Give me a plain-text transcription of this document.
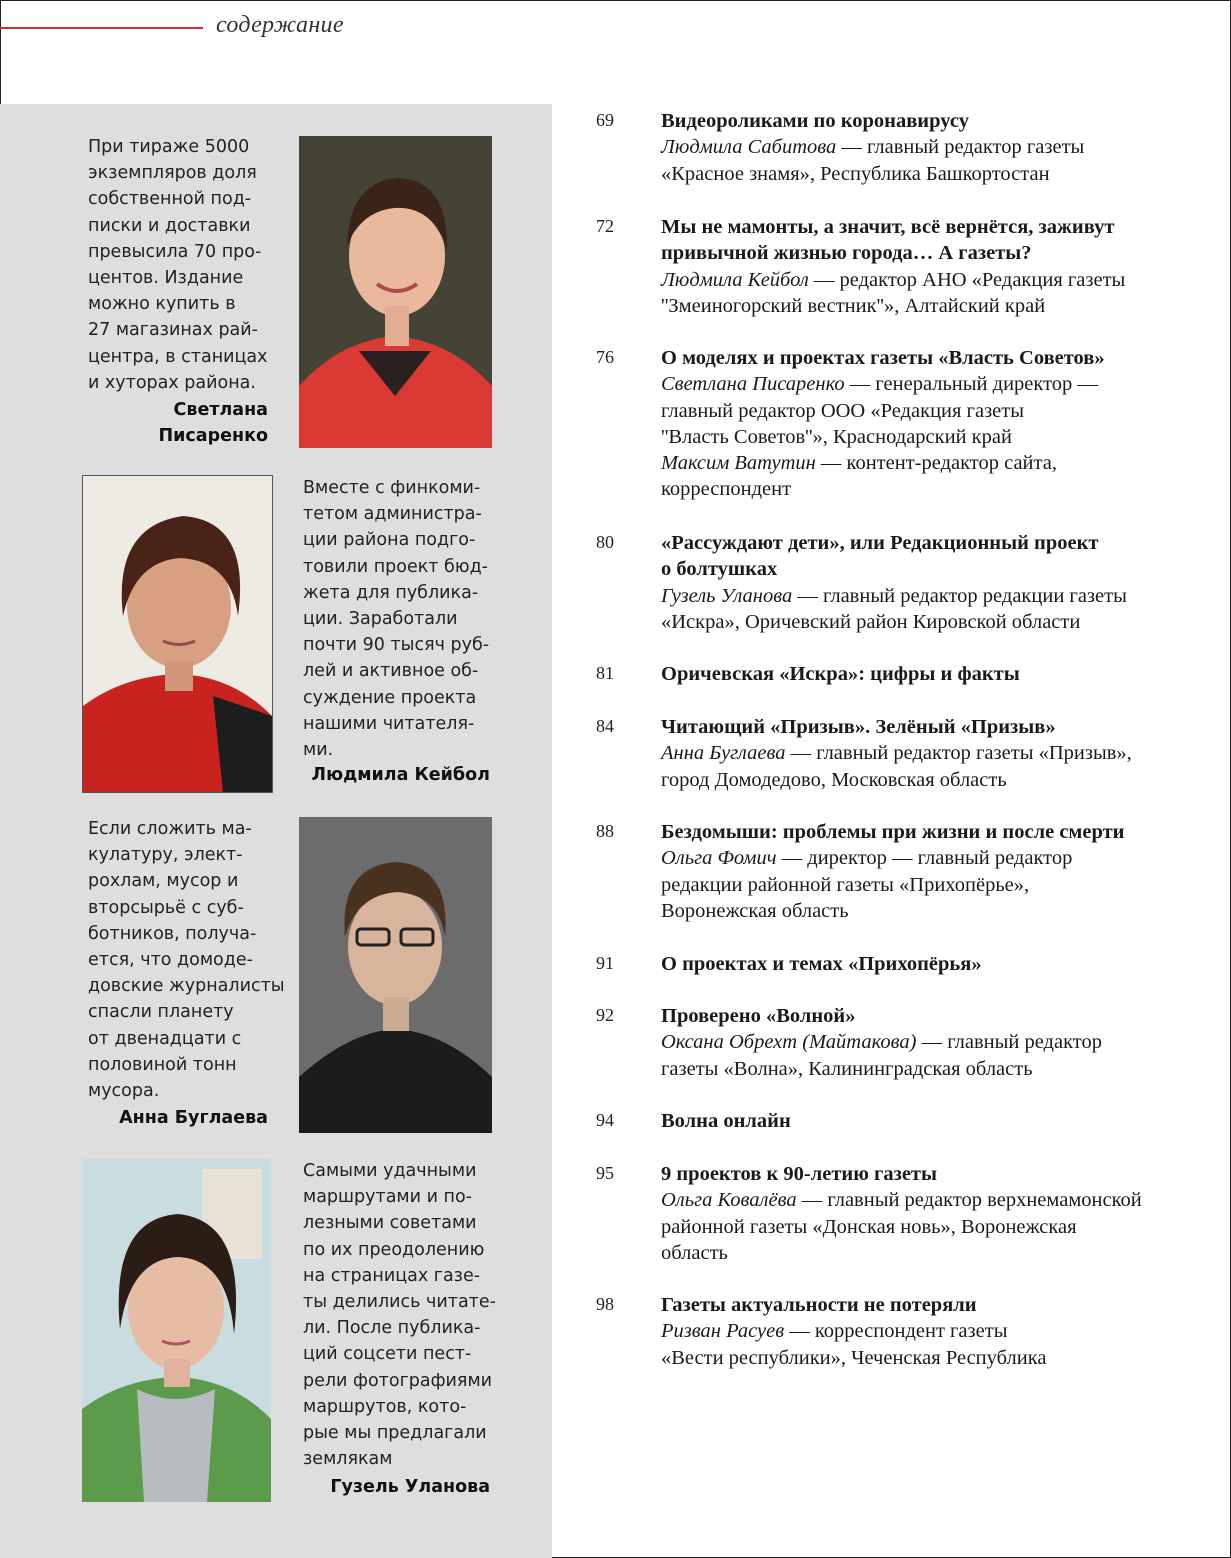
содержание
При тираже 5000
экземпляров доля
собственной под-
писки и доставки
превысила 70 про-
центов. Издание
можно купить в
27 магазинах рай-
центра, в станицах
и хуторах района.
Светлана
Писаренко
Вместе с финкоми-
тетом администра-
ции района подго-
товили проект бюд-
жета для публика-
ции. Заработали
почти 90 тысяч руб-
лей и активное об-
суждение проекта
нашими читателя-
ми.
Людмила Кейбол
Если сложить ма-
кулатуру, элект-
рохлам, мусор и
вторсырьё с суб-
ботников, получа-
ется, что домоде-
довские журналисты
спасли планету
от двенадцати с
половиной тонн
мусора.
Анна Буглаева
Самыми удачными
маршрутами и по-
лезными советами
по их преодолению
на страницах газе-
ты делились читате-
ли. После публика-
ций соцсети пест-
рели фотографиями
маршрутов, кото-
рые мы предлагали
землякам
Гузель Уланова
69	Видеороликами по коронавирусу
Людмила Сабитова — главный редактор газеты
«Красное знамя», Республика Башкортостан
72	Мы не мамонты, а значит, всё вернётся, заживут
привычной жизнью города… А газеты?
Людмила Кейбол — редактор АНО «Редакция газеты
''Змеиногорский вестник''», Алтайский край
76	О моделях и проектах газеты «Власть Советов»
Светлана Писаренко — генеральный директор —
главный редактор ООО «Редакция газеты
''Власть Советов''», Краснодарский край
Максим Ватутин — контент-редактор сайта,
корреспондент
80	«Рассуждают дети», или Редакционный проект
о болтушках
Гузель Уланова — главный редактор редакции газеты
«Искра», Оричевский район Кировской области
81	Оричевская «Искра»: цифры и факты
84	Читающий «Призыв». Зелёный «Призыв»
Анна Буглаева — главный редактор газеты «Призыв»,
город Домодедово, Московская область
88	Бездомыши: проблемы при жизни и после смерти
Ольга Фомич — директор — главный редактор
редакции районной газеты «Прихопёрье»,
Воронежская область
91	О проектах и темах «Прихопёрья»
92	Проверено «Волной»
Оксана Обрехт (Майтакова) — главный редактор
газеты «Волна», Калининградская область
94	Волна онлайн
95	9 проектов к 90-летию газеты
Ольга Ковалёва — главный редактор верхнемамонской
районной газеты «Донская новь», Воронежская
область
98	Газеты актуальности не потеряли
Ризван Расуев — корреспондент газеты
«Вести республики», Чеченская Республика
